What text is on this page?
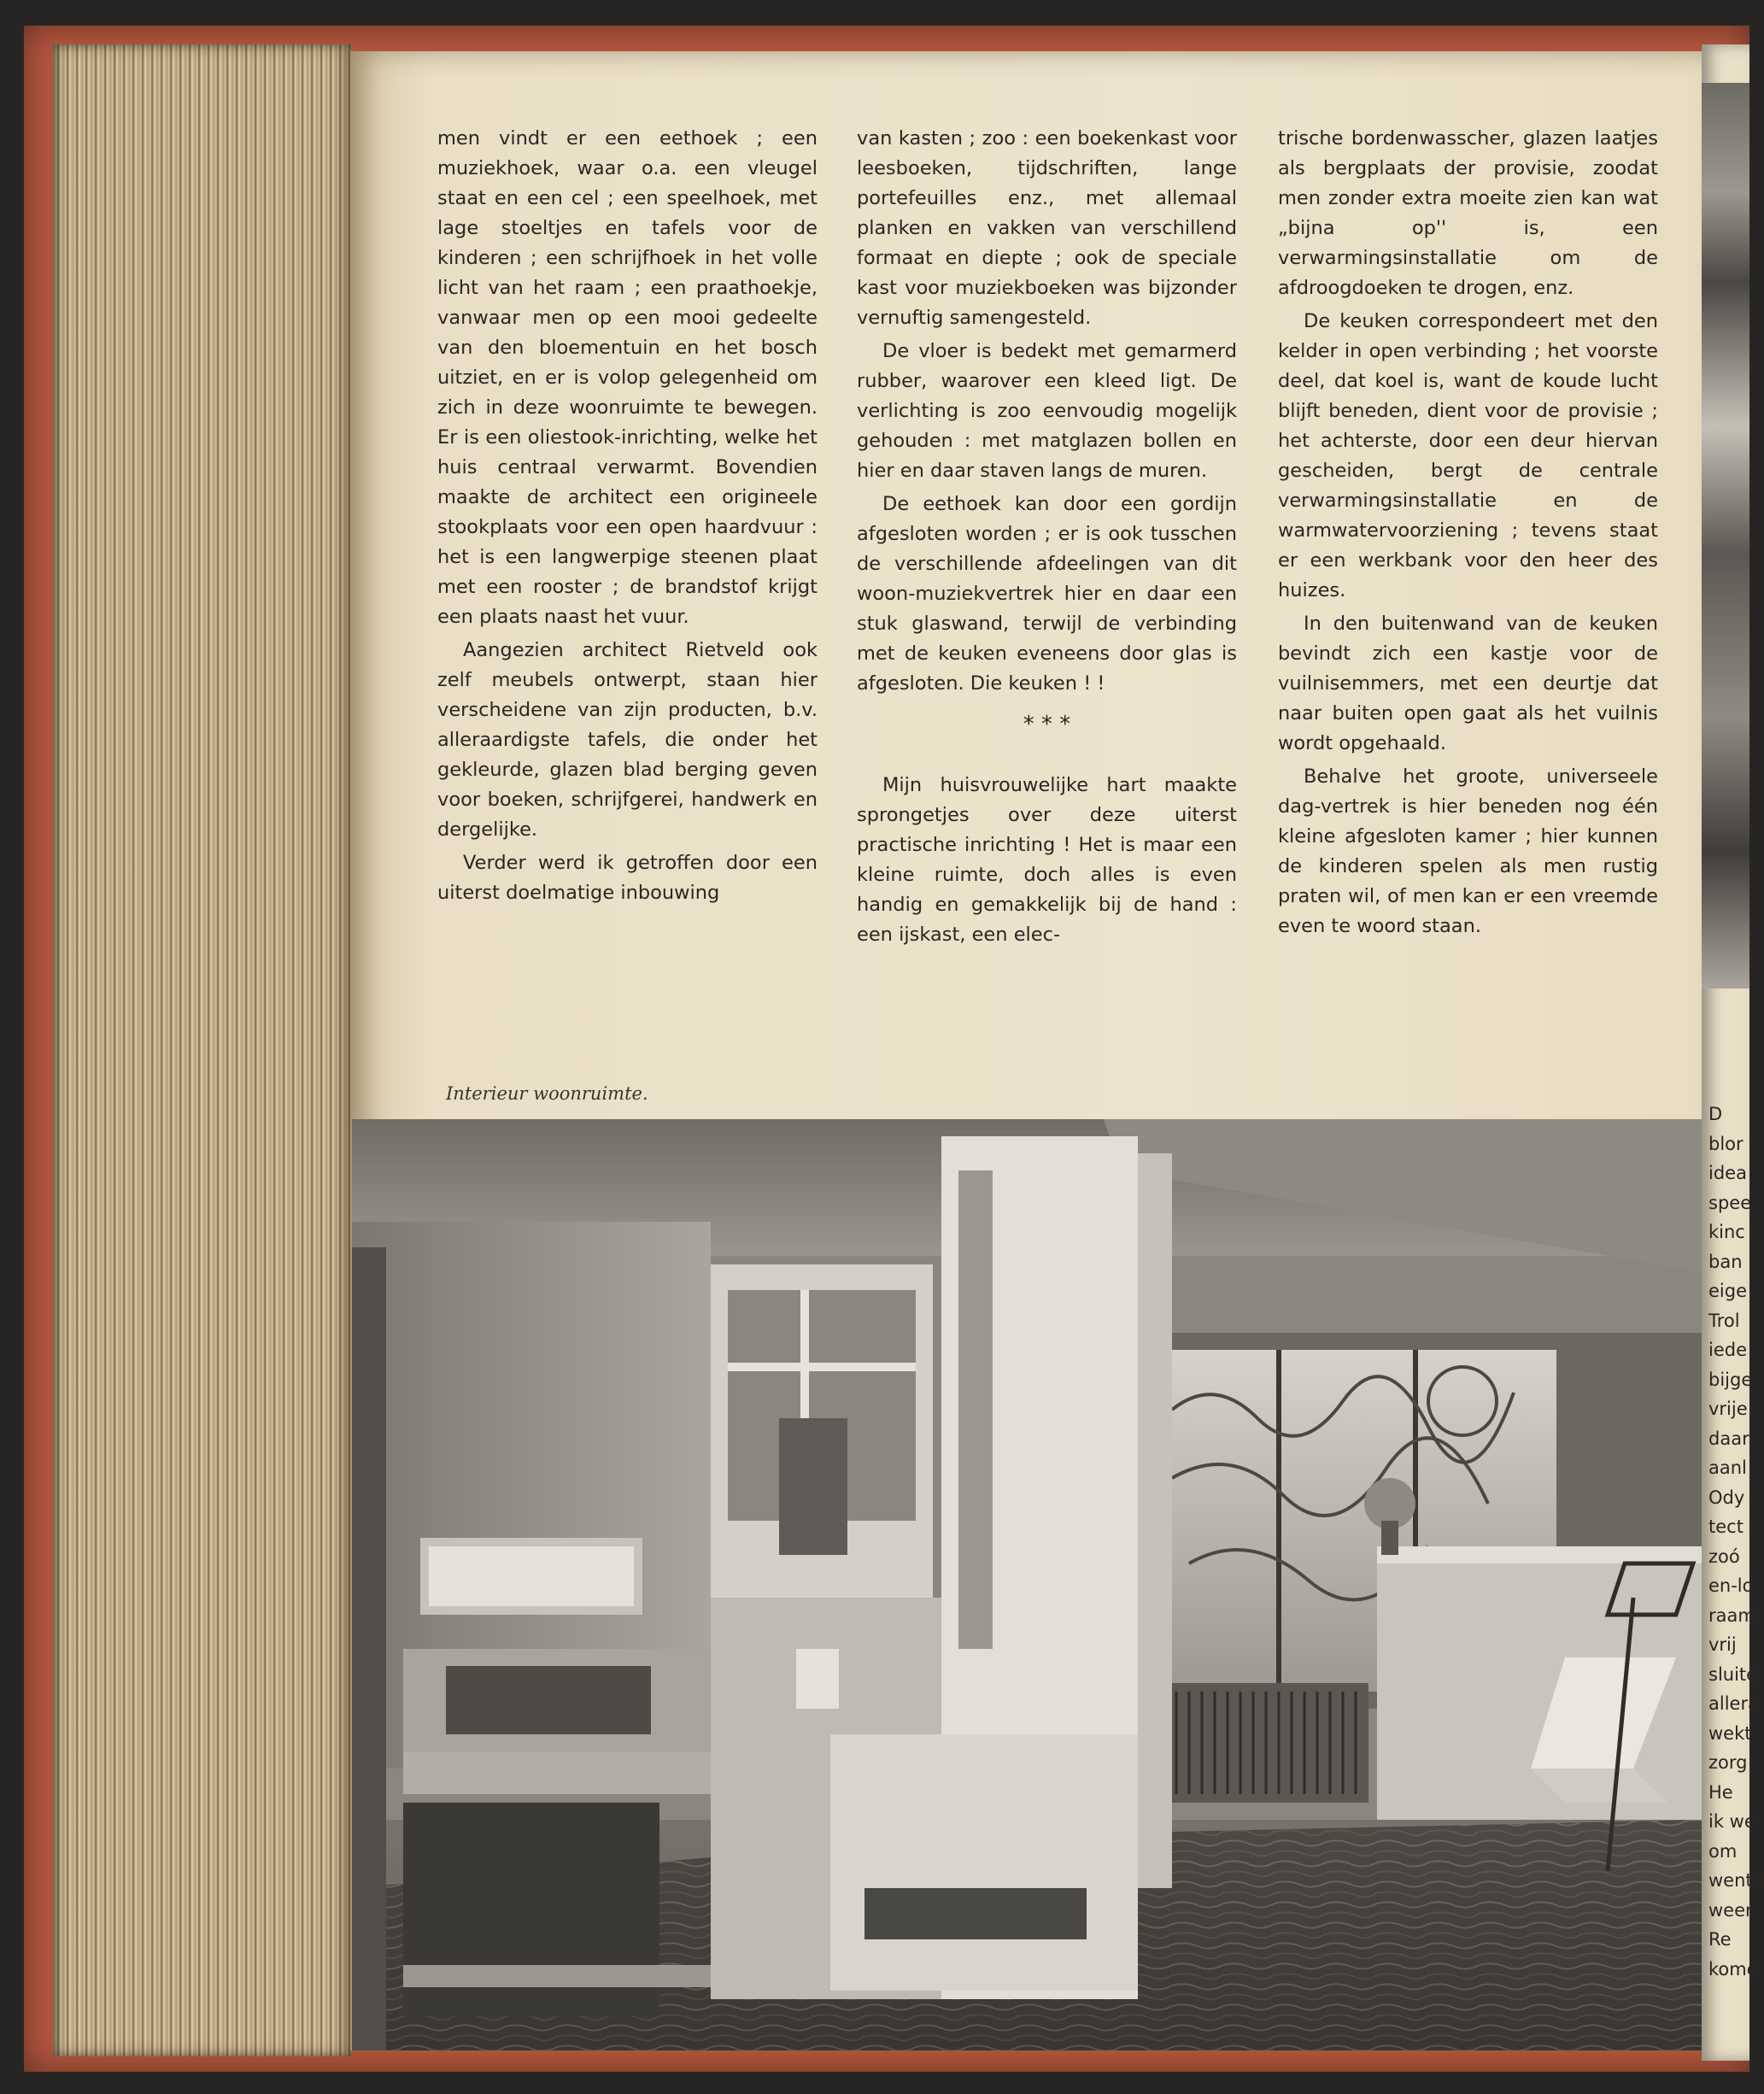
men vindt er een eethoek ; een muziekhoek, waar o.a. een vleugel staat en een cel ; een speelhoek, met lage stoeltjes en tafels voor de kinderen ; een schrijfhoek in het volle licht van het raam ; een praathoekje, vanwaar men op een mooi gedeelte van den bloementuin en het bosch uitziet, en er is volop gelegenheid om zich in deze woonruimte te bewegen. Er is een oliestook-inrichting, welke het huis centraal verwarmt. Bovendien maakte de architect een origineele stookplaats voor een open haardvuur : het is een langwerpige steenen plaat met een rooster ; de brandstof krijgt een plaats naast het vuur.

Aangezien architect Rietveld ook zelf meubels ontwerpt, staan hier verscheidene van zijn producten, b.v. alleraardigste tafels, die onder het gekleurde, glazen blad berging geven voor boeken, schrijfgerei, handwerk en dergelijke.

Verder werd ik getroffen door een uiterst doelmatige inbouwing

van kasten ; zoo : een boekenkast voor leesboeken, tijdschriften, lange portefeuilles enz., met allemaal planken en vakken van verschillend formaat en diepte ; ook de speciale kast voor muziekboeken was bijzonder vernuftig samengesteld.

De vloer is bedekt met gemarmerd rubber, waarover een kleed ligt. De verlichting is zoo eenvoudig mogelijk gehouden : met matglazen bollen en hier en daar staven langs de muren.

De eethoek kan door een gordijn afgesloten worden ; er is ook tusschen de verschillende afdeelingen van dit woon-muziekvertrek hier en daar een stuk glaswand, terwijl de verbinding met de keuken eveneens door glas is afgesloten. Die keuken ! !

* * *

Mijn huisvrouwelijke hart maakte sprongetjes over deze uiterst practische inrichting ! Het is maar een kleine ruimte, doch alles is even handig en gemakkelijk bij de hand : een ijskast, een elec-

trische bordenwasscher, glazen laatjes als bergplaats der provisie, zoodat men zonder extra moeite zien kan wat „bijna op'' is, een verwarmingsinstallatie om de afdroogdoeken te drogen, enz.

De keuken correspondeert met den kelder in open verbinding ; het voorste deel, dat koel is, want de koude lucht blijft beneden, dient voor de provisie ; het achterste, door een deur hiervan gescheiden, bergt de centrale verwarmingsinstallatie en de warmwatervoorziening ; tevens staat er een werkbank voor den heer des huizes.

In den buitenwand van de keuken bevindt zich een kastje voor de vuilnisemmers, met een deurtje dat naar buiten open gaat als het vuilnis wordt opgehaald.

Behalve het groote, universeele dag-vertrek is hier beneden nog één kleine afgesloten kamer ; hier kunnen de kinderen spelen als men rustig praten wil, of men kan er een vreemde even te woord staan.

Interieur woonruimte.
D
blor
idea
spee
kinc
ban
eige
Trol
iede
bijge
vrije
daar
aanl
Ody
tect
zoó
en-lo
raam
vrij
sluite
allera
wekt
zorg
He
ik we
om
wente
weer
Re
kome
